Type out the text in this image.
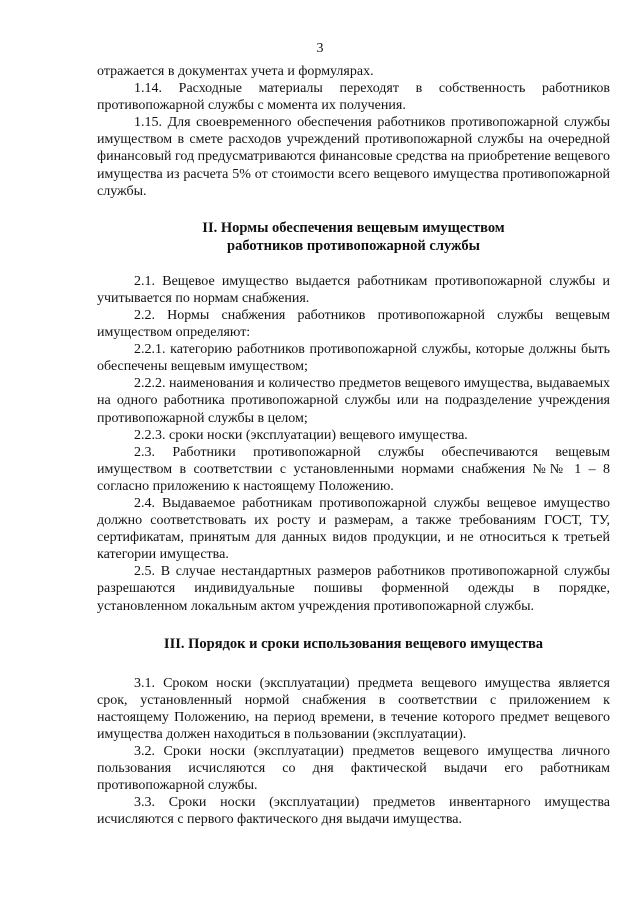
3

отражается в документах учета и формулярах.

1.14. Расходные материалы переходят в собственность работников противопожарной службы с момента их получения.

1.15. Для своевременного обеспечения работников противопожарной службы имуществом в смете расходов учреждений противопожарной службы на очередной финансовый год предусматриваются финансовые средства на приобретение вещевого имущества из расчета 5% от стоимости всего вещевого имущества противопожарной службы.

II. Нормы обеспечения вещевым имуществом

работников противопожарной службы

2.1. Вещевое имущество выдается работникам противопожарной службы и учитывается по нормам снабжения.

2.2. Нормы снабжения работников противопожарной службы вещевым имуществом определяют:

2.2.1. категорию работников противопожарной службы, которые должны быть обеспечены вещевым имуществом;

2.2.2. наименования и количество предметов вещевого имущества, выдаваемых на одного работника противопожарной службы или на подразделение учреждения противопожарной службы в целом;

2.2.3. сроки носки (эксплуатации) вещевого имущества.

2.3. Работники противопожарной службы обеспечиваются вещевым имуществом в соответствии с установленными нормами снабжения №№ 1 – 8 согласно приложению к настоящему Положению.

2.4. Выдаваемое работникам противопожарной службы вещевое имущество должно соответствовать их росту и размерам, а также требованиям ГОСТ, ТУ, сертификатам, принятым для данных видов продукции, и не относиться к третьей категории имущества.

2.5. В случае нестандартных размеров работников противопожарной службы разрешаются индивидуальные пошивы форменной одежды в порядке, установленном локальным актом учреждения противопожарной службы.

III. Порядок и сроки использования вещевого имущества

3.1. Сроком носки (эксплуатации) предмета вещевого имущества является срок, установленный нормой снабжения в соответствии с приложением к настоящему Положению, на период времени, в течение которого предмет вещевого имущества должен находиться в пользовании (эксплуатации).

3.2. Сроки носки (эксплуатации) предметов вещевого имущества личного пользования исчисляются со дня фактической выдачи его работникам противопожарной службы.

3.3. Сроки носки (эксплуатации) предметов инвентарного имущества исчисляются с первого фактического дня выдачи имущества.
